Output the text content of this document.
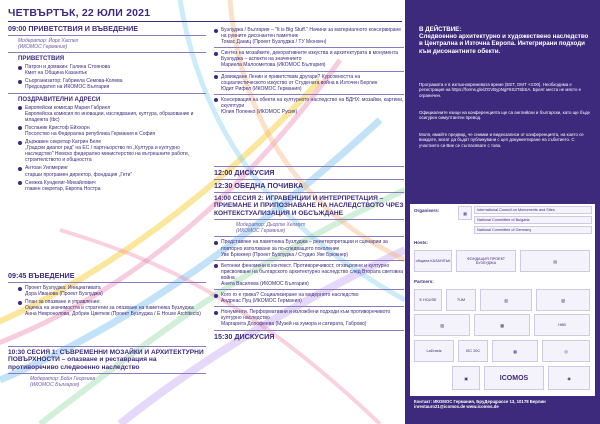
ЧЕТВЪРТЪК, 22 ЮЛИ 2021
09:00 ПРИВЕТСТВИЯ И ВЪВЕДЕНИЕ
Модератор: Йорг Хаспел
(ИКОМОС Германия)
ПРИВЕТСТВИЯ
Патрон и домакин: Галина Стоянова
Кмет на Община Казанлък
Съорганизатор: Габриела Семова-Колева
Председател на ИКОМОС България
ПОЗДРАВИТЕЛНИ АДРЕСИ
Европейски комисар Мария Габриел
Европейска комисия по иновации, изследвания, култура, образование и младежта (tbc)
Посланик Кристоф Ейххорн
Посолство на Федерална република Германия в София
Държавен секретар Катрин Беле
„Градски диалог ред" на ЕС / партньорство по „Култура и културно наследство" Немско федерално министерство на вътрешните работи, строителството и общността
Антоан Уилмеринг
старши програмен директор, фондация „Гети"
Снежка Кунделиг-Михайлович
главен секретар, Европа Ностра
09:45 ВЪВЕДЕНИЕ
Проект Бузлуджа: Инициативата
Дора Иванова (Проект Бузлуджа)
План за опазване и управление:
Оценка на значимостта и стратегии за опазване на паметника Бузлуджа
Анна Невронолова, Добрин Цветков (Проект Бузлуджа / E House Architects)
10:30 СЕСИЯ 1: СЪВРЕМЕННИ МОЗАЙКИ И АРХИТЕКТУРНИ ПОВЪРХНОСТИ – опазване и реставрация на противоречиво следвоенно наследство
Модератор: Бойн Георгиев
(ИКОМОС България)
Бузлуджа / България – "It is Big Stuff." Начини за материалното консервиране на руините дисонантен паметник
Томас Даниц (Проект Бузлуджа / ТУ Мюнхен)
Синтез на мозайките, декоративните изкуства и архитектурата в монумента Бузлуджа – аспекти на значението
Мариела Малоометова (ИКОМОС България)
Довиждане Ленин и приветствам другари? Курсовността на социалистическото изкуство от Студената война в Източен Берлин
Юдит Рифел (ИКОМОС Германия)
Консервация на обекти на културното наследство на ВДНХ: мозайки, картини, скулптури
Юлия Попенко (ИКОМОС Русия)
12:00 ДИСКУСИЯ
12:30 ОБЕДНА ПОЧИВКА
14:00 СЕСИЯ 2: ИГРАВЕНЦИИ И ИНТЕРПРЕТАЦИЯ – ПРИЕМАНЕ И ПРИПОЗНАВАНЕ НА НАСЛЕДСТВОТО ЧРЕЗ КОНТЕКСТУАЛИЗАЦИЯ И ОБСЪЖДАНЕ
Модератор: Дьорте Хелмут
(ИКОМОС Германия)
Представяне на паметника Бузлуджа – реинтерпретации и сценарии за повторно използване за по-следващото поколение
Уве Брюкнер (Проект Бузлуджа / Студио Уве Брюкнер)
Бетонни феномени в контекст. Противоречивост, отхвърляне и културно присвояване на българското архитектурно наследство след Втората световна война
Анета Василева (ИКОМОС България)
Кого го е грижа? Социализиране на модерното наследство
Андреас Пуц (ИКОМОС Германия)
Нонументи. Перформативни и изложбени подходи към противоречивото културно наследство
Маргарита Дорофеева (Музей на хумора и сатирата, Габрово)
15:30 ДИСКУСИЯ
В ДЕЙСТВИЕ:
Следвоенно архитектурно и художествено наследство в Централна и Източна Европа. Интегрирани подходи към дисонантните обекти.
Програмата е в изпъкновремевата време (EET, GMT +3:00). Необходима е регистрация на https://forms.gle/ZGVBypNgF6S3T6bSA. Броят места не място е ограничен.
Официалните езици на конференцията ще са английски и български, като ще бъде осигурен симултантен превод.
Моля, имайте предвид, че снимки и видеозаписи от конференцията, на които се виждате, могат да бъдат публикувани с цел документиране на събитието. С участието си Вие се съгласявате с това.
Organisers:
▦
International Council on Monuments and Sites
National Committee of Bulgaria
National Committee of Germany
Hosts:
община КАЗАНЛЪК	ФОНДАЦИЯ ПРОЕКТ БУЗЛУДЖА	▤
Partners:
E HOUSE	TUM	▥	▧
▨	▩	НКВ
LaDrasis	ISC 20C	▦	◎
▣	ICOMOS	◉
Контакт: ИКОМОС Германия, БруДерщрассе 13, 10178 Берлин inrestauro21@icomos.de www.icomos.de
